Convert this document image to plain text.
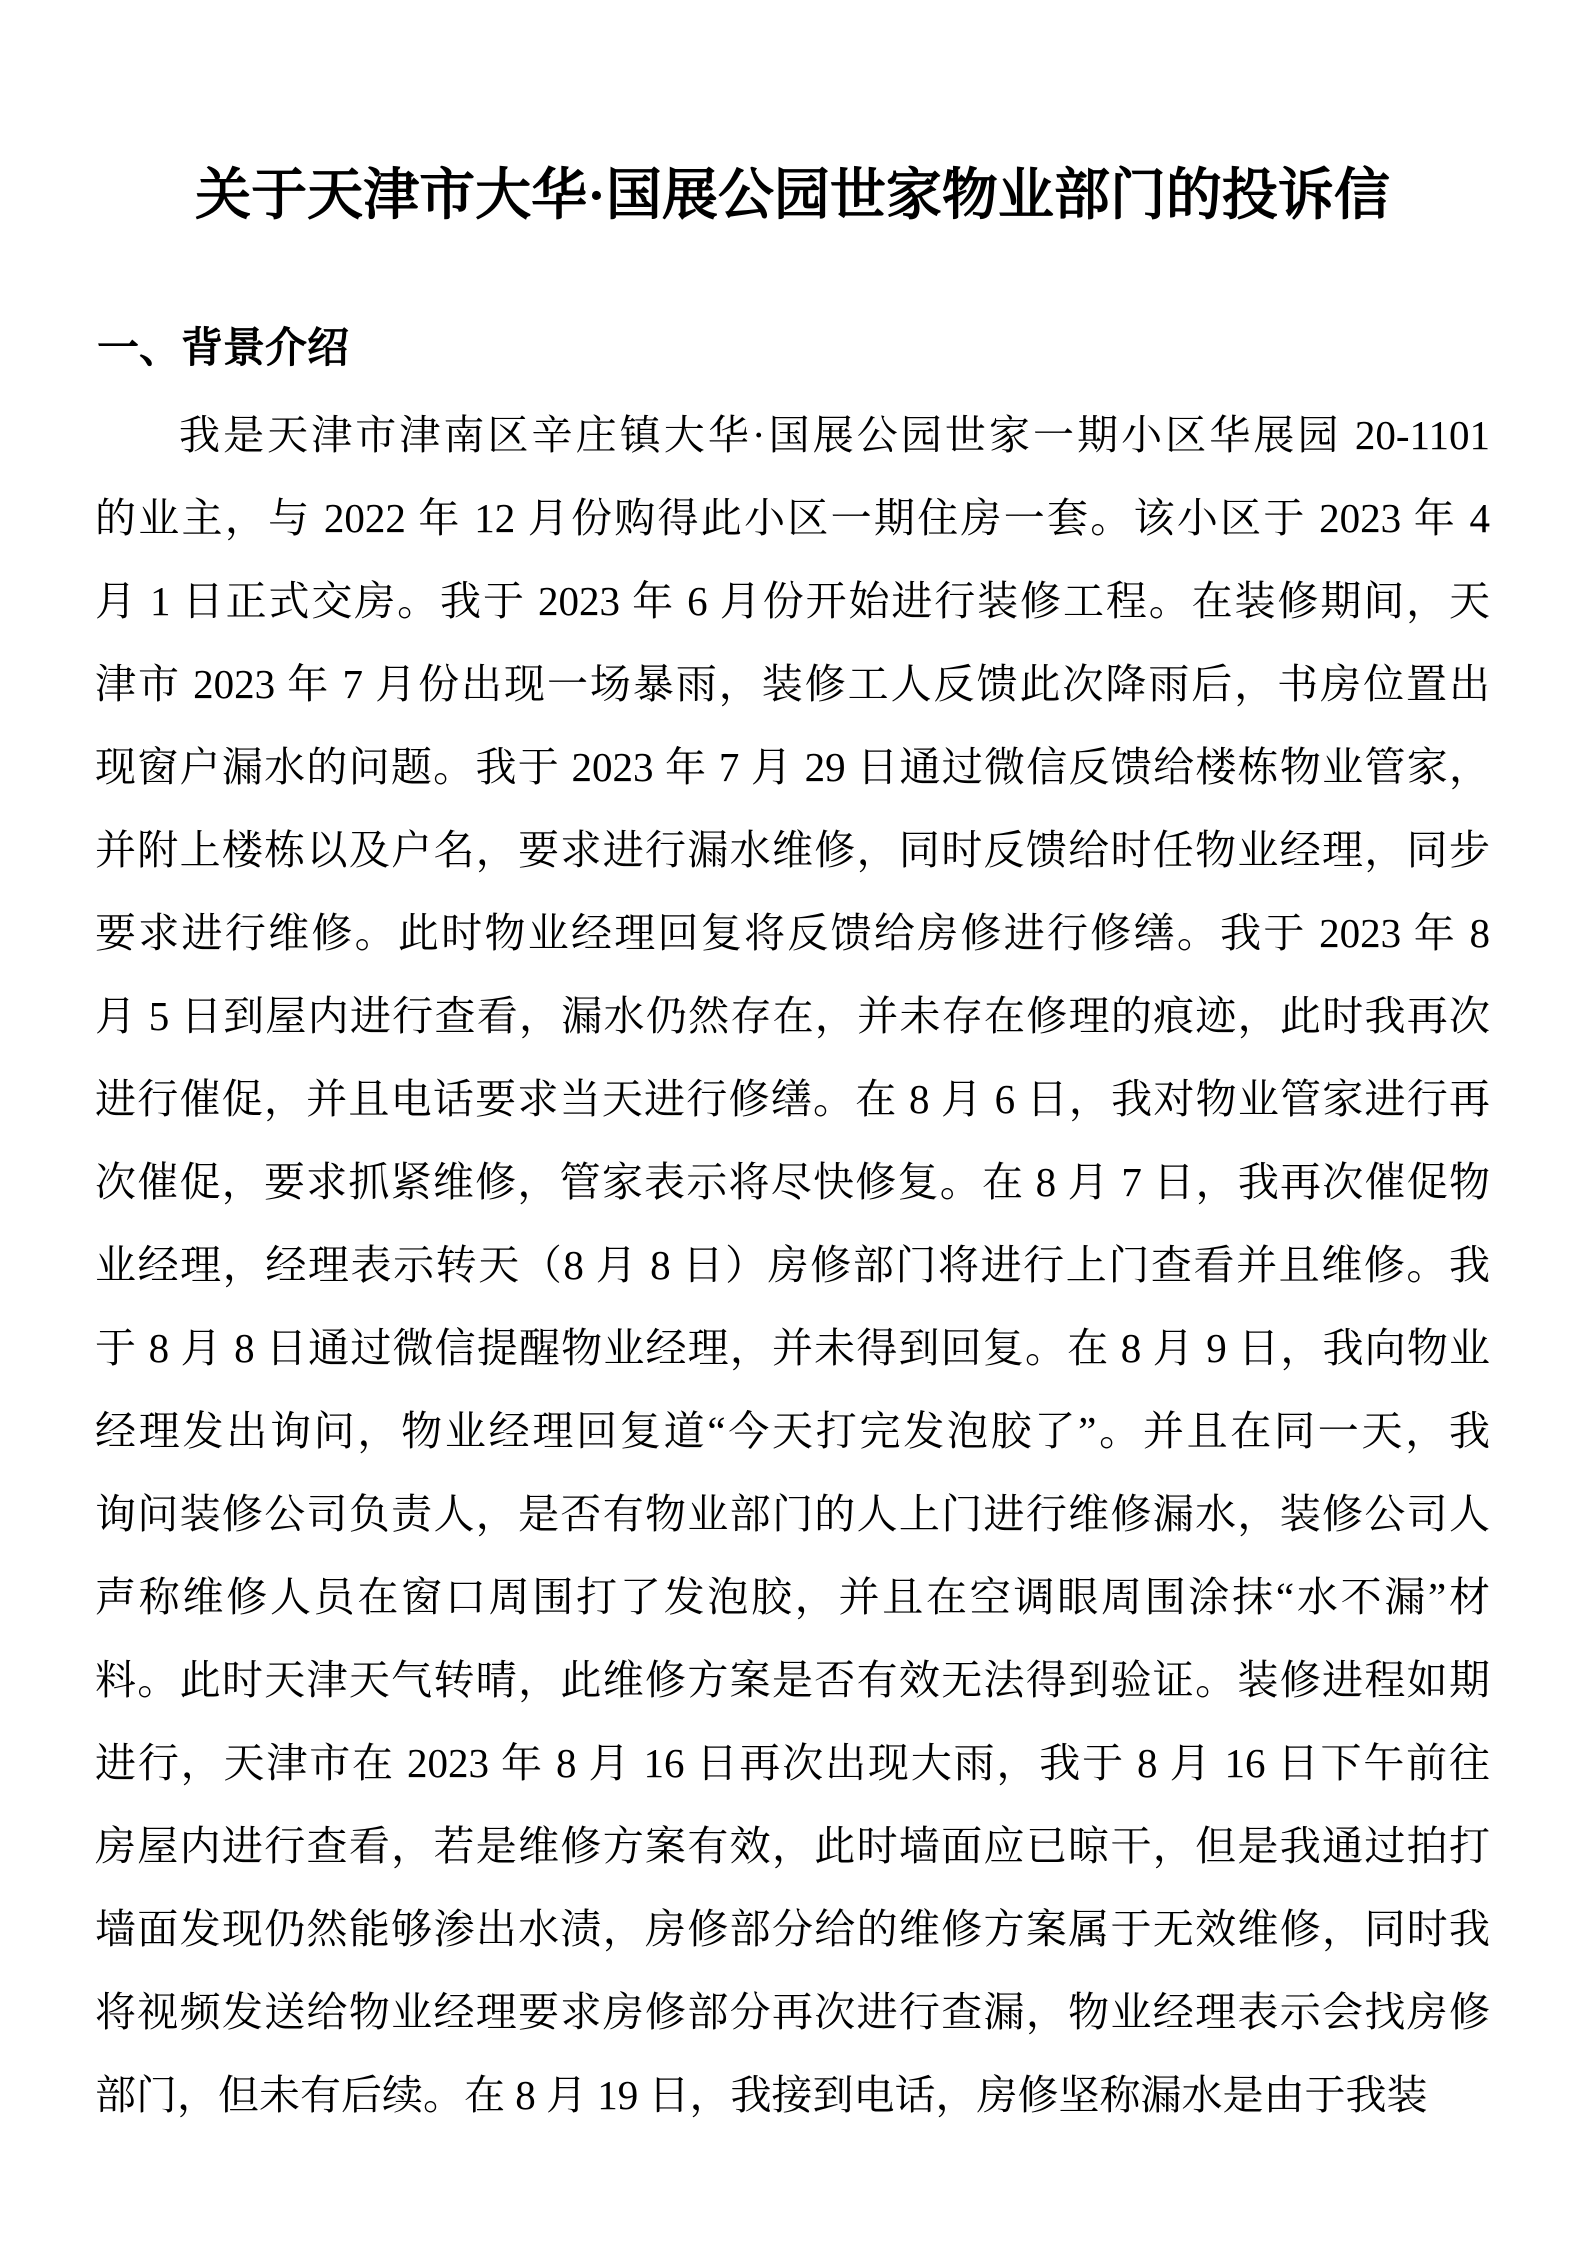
关于天津市大华·国展公园世家物业部门的投诉信
一、背景介绍
我是天津市津南区辛庄镇大华·国展公园世家一期小区华展园 20-1101
的业主，与 2022 年 12 月份购得此小区一期住房一套。该小区于 2023 年 4
月 1 日正式交房。我于 2023 年 6 月份开始进行装修工程。在装修期间，天
津市 2023 年 7 月份出现一场暴雨，装修工人反馈此次降雨后，书房位置出
现窗户漏水的问题。我于 2023 年 7 月 29 日通过微信反馈给楼栋物业管家，
并附上楼栋以及户名，要求进行漏水维修，同时反馈给时任物业经理，同步
要求进行维修。此时物业经理回复将反馈给房修进行修缮。我于 2023 年 8
月 5 日到屋内进行查看，漏水仍然存在，并未存在修理的痕迹，此时我再次
进行催促，并且电话要求当天进行修缮。在 8 月 6 日，我对物业管家进行再
次催促，要求抓紧维修，管家表示将尽快修复。在 8 月 7 日，我再次催促物
业经理，经理表示转天（8 月 8 日）房修部门将进行上门查看并且维修。我
于 8 月 8 日通过微信提醒物业经理，并未得到回复。在 8 月 9 日，我向物业
经理发出询问，物业经理回复道“今天打完发泡胶了”。并且在同一天，我
询问装修公司负责人，是否有物业部门的人上门进行维修漏水，装修公司人
声称维修人员在窗口周围打了发泡胶，并且在空调眼周围涂抹“水不漏”材
料。此时天津天气转晴，此维修方案是否有效无法得到验证。装修进程如期
进行，天津市在 2023 年 8 月 16 日再次出现大雨，我于 8 月 16 日下午前往
房屋内进行查看，若是维修方案有效，此时墙面应已晾干，但是我通过拍打
墙面发现仍然能够渗出水渍，房修部分给的维修方案属于无效维修，同时我
将视频发送给物业经理要求房修部分再次进行查漏，物业经理表示会找房修
部门，但未有后续。在 8 月 19 日，我接到电话，房修坚称漏水是由于我装
